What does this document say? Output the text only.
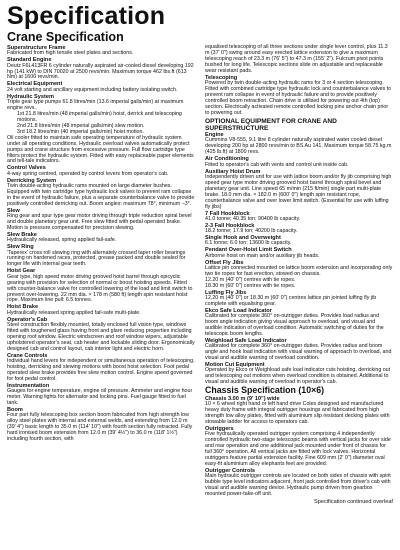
Specification
Crane Specification
Superstructure Frame
Fabricated from high tensile steel plates and sections.
Standard Engine
Deutz F6L413FR 6 cylinder naturally aspirated air-cooled diesel developing 192 hp (141 kW) to DIN 70020 at 2500 revs/min. Maximum torque 462 lbs.ft (613 Nm) at 1600 revs/min.
Electrical Equipment
24 volt starting and ancillary equipment including battery isolating switch.
Hydraulic System
Triple gear type pumps 61.8 litres/min (13.6 imperial galls/min) at maximum engine revs.
1st 21.8 litres/min (48 imperial galls/min) hoist, derrick and telescoping motions.
2nd 21.8 litres/min (48 imperial galls/min) slew motion.
3rd 18.2 litres/min (40 imperial galls/min) hoist motion.
Oil cooler fitted to maintain safe operating temperature of hydraulic system under all operating conditions. Hydraulic overload valves automatically protect pumps and crane structure from excessive pressure. Full flow cartridge type filters protect the hydraulic system. Fitted with easy replaceable paper elements and tell-tale indicators.
Control Valves
4-way spring centred, operated by control levers from operator's cab.
Derricking System
Twin double-acting hydraulic rams mounted on large diameter bushes. Equipped with twin cartridge type hydraulic lock valves to prevent ram collapse in the event of hydraulic failure, plus a separate counterbalance valve to provide positively controlled derricking out. Boom angles: maximum 78°, minimum −3°.
Slew
Ring gear and spur type gear motor driving through triple reduction spiral bevel and double planetary gear unit. Free slew fitted with pedal operated brake. Motion is pressure compensated for precision slewing.
Slew Brake
Hydraulically released, spring applied fail-safe.
Slew Ring
'Taperex' cross roll slewing ring with alternately crossed taper roller bearings running on hardened races, protected, grease packed and double sealed for longer life with internal gear teeth.
Hoist Gear
Gear type, high speed motor driving grooved hoist barrel through epicyclic gearing with provision for selection of normal or boost hoisting speeds. Fitted with counter-balance valve for controlled lowering of the load and limit switch to prevent over-lowering. 22 mm dia. × 178 m (580 ft) length spin resistant hoist rope. Maximum line pull: 6.5 tonnes.
Hoist Brake
Hydraulically released spring applied fail-safe multi-plate.
Operator's Cab
Steel construction flexibly mounted, totally enclosed full vision type, windows fitted with toughened glass having front and glare reducing properties including opening roof window. Electric windscreen and roof window wipers, adjustable upholstered operator's seat, cab heater and lockable sliding door. Ergonomically designed cab and control layout, cab interior light and electric horn.
Crane Controls
Individual hand levers for independent or simultaneous operation of telescoping, hoisting, derricking and slewing motions with boost hoist selection. Foot pedal operated slew brake provides free slew motion control. Engine speed governed for foot pedal control.
Instrumentation
Gauges for engine temperature, engine oil pressure. Ammeter and engine hour meter. Warning lights for alternator and locking pins. Fuel gauge fitted to fuel tank.
Boom
Four part fully telescoping box section boom fabricated from high strength low alloy steel plates with internal and external welds, and extending from 12.0 m (39' 4") basic length to 35.0 m (114' 10") with fourth section fully retracted. Fully hard ironised boom extension from 12.0 m (39' 4½") to 36.0 m (118' 1½") including fourth section, with
equalised telescoping of all three sections under single lever control, plus 11.3 m (37' 0") swing around easy erected lattice extension to give a maximum telescoping reach of 23.3 m (76' 5") to 47.3 m (155' 2"). Fulcrum pivot points bushed for long life. Telescopic sections slide on adjustable and replaceable wear resistant pads.
Telescoping
Powered by twin double-acting hydraulic rams for 3 or 4 section telescoping. Fitted with combined cartridge type hydraulic lock and counterbalance valves to prevent ram collapse in event of hydraulic failure and to provide positively controlled boom retraction. Chain drive is utilised for powering out 4th (top) section. Electrically activated remote controlled locking pins anchor chain prior to powering out.
OPTIONAL EQUIPMENT FOR CRANE AND SUPERSTRUCTURE
Engine
Cummins V8-555, 9.1 litre 8 cylinder naturally aspirated water cooled diesel developing 200 hp at 2800 revs/min to BS Au 141. Maximum torque 58.75 kg.m (425 lb.ft) at 1800 revs.
Air Conditioning
Fitted to operator's cab with vents and control unit inside cab.
Auxiliary Hoist Drum
Independently driven unit for use with lattice boom and/or fly jib comprising high speed gear type motor driving grooved hoist barrel through spiral bevel and planetary gear unit. Line speed 65 m/min (215 ft/min) single part multi-plate brake. 18.0 mm dia. × 182.0 m (600' 0") length spin resistant rope, counterbalance valve and over lower limit switch. (Essential for use with luffing fly jibs)
7 Fall Hookblock
41.0 tonne; 40.35 ton; 90400 lb capacity.
2-3 Fall Hookblock
18.2 tonne; 17.9 ton; 40200 lb capacity.
Single Hook and Overweight
6.1 tonne; 6.0 ton; 13600 lb capacity.
Pendant Over-Hoist Limit Switch
Airborne hoist on main and/or auxiliary jib heads.
Offset Fly Jibs
Lattice pin connected mounted on lattice boom extension and incorporating only two tie ropes for fast erection, stowed on chassis.
12.20 m (40' 0") centres with tie ropes.
18.30 m (60' 0") centres with tie ropes.
Luffing Fly Jibs
12.20 m (40' 0") or 18.30 m (60' 0") centres lattice pin jointed luffing fly jib complete with equalising gear.
Ekco Safe Load Indicator
Calibrated for complete 360° on-outrigger duties. Provides load radius and boom angle indication giving visual approach to overload, and visual and audible indication of overload condition. Automatic switching of duties for the telescopic boom lengths.
Weighload Safe Load Indicator
Calibrated for complete 360° on-outrigger duties. Provides radius and boom angle and hook load indication with visual warning of approach to overload, and visual and audible warning of overload condition.
Motion Cut Equipment
Operated by Ekco or Weighload safe load indicator cuts hoisting, derricking out and telescoping out motions when overload condition is obtained. Additional to visual and audible warning of overload in operator's cab.
Chassis Specification (10×6)
Chassis 3.00 m (9' 10") wide
10 × 6 wheel right hand or left hand drive Coles designed and manufactured heavy duty frame with integral outrigger housings and fabricated from high strength low alloy plates, fitted with aluminium slip resistant decking plates with stowable ladder for access to operators cab.
Outriggers
Five hydraulically operated outrigger system comprising 4 independently controlled hydraulic two-stage telescopic beams with vertical jacks for over side and rear operation and one additional jack mounted under front of chassis for full 360° operation. All vertical jacks are fitted with lock valves. Horizontal outriggers feature partial extension facility. Fine 609 mm (2' 0") diameter oval easy-fit aluminium alloy elephants feet are provided.
Outrigger Controls
Main hydraulic outrigger controls are located on both sides of chassis with spirit bubble type level indicators adjacent, front jack controlled from driver's cab with visual and audible warning device. Hydraulic pump driven from gearbox mounted power-take-off unit.
Specification continued overleaf
